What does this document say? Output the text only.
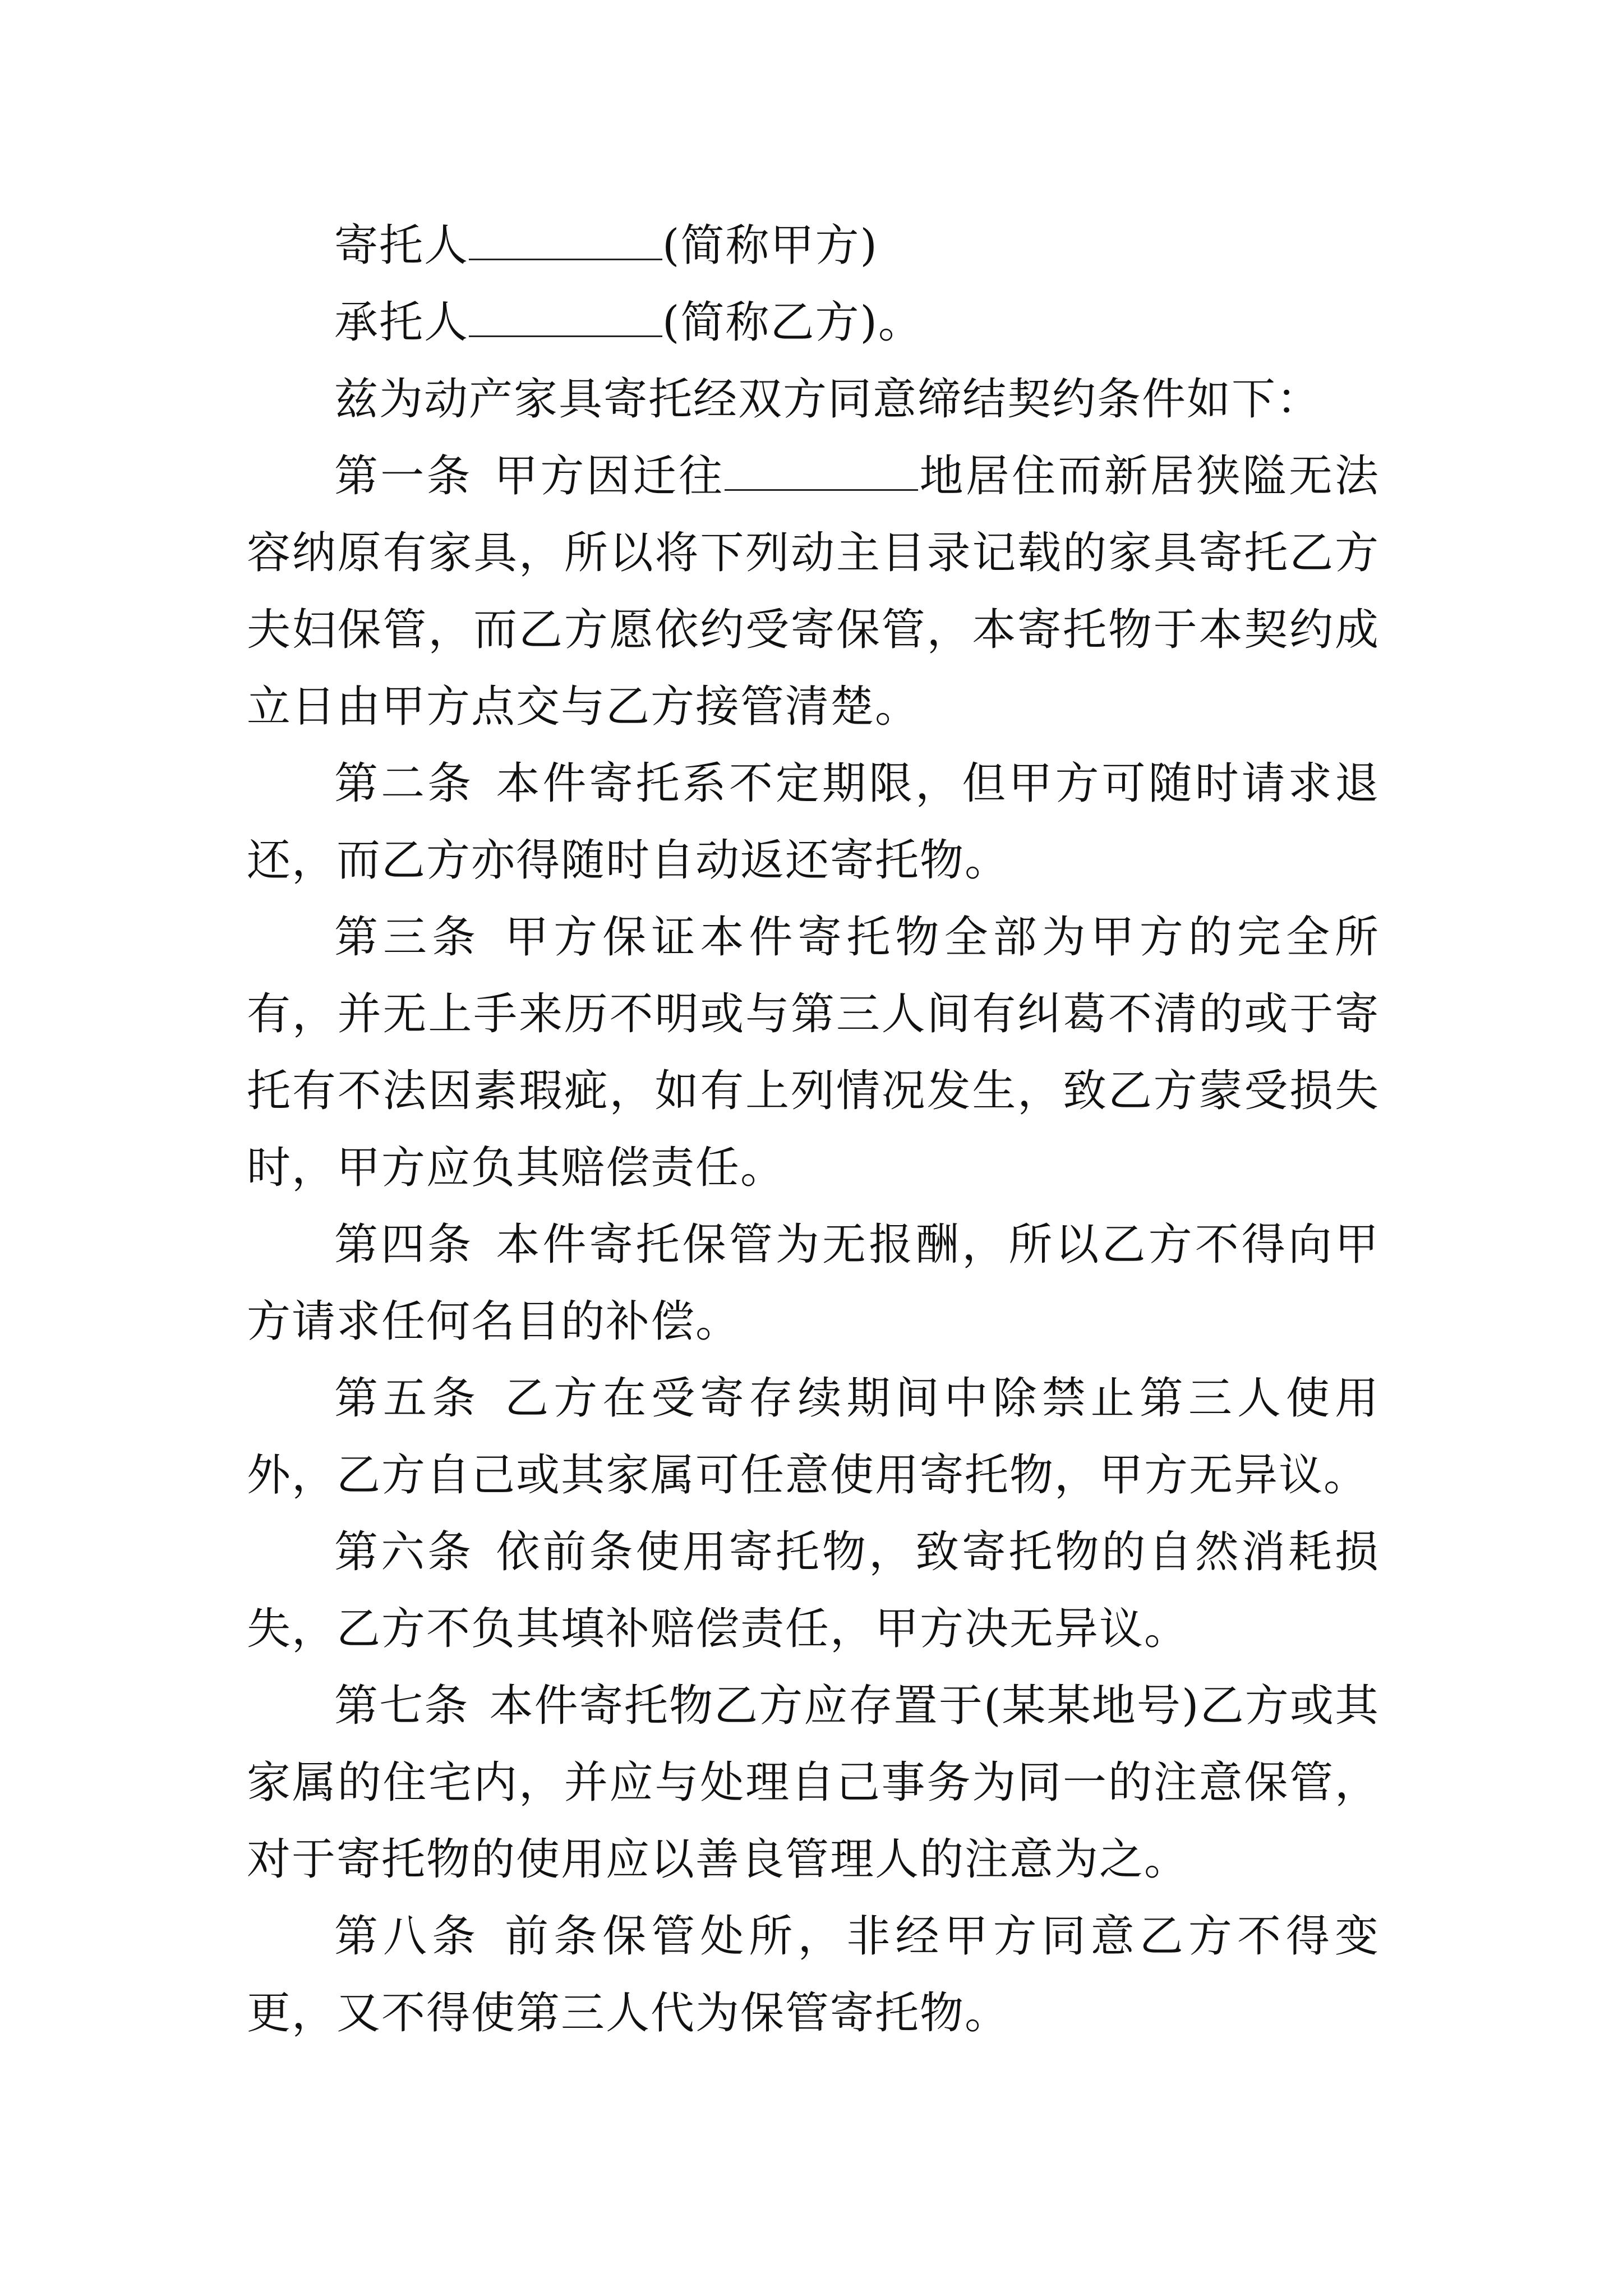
寄托人	(简称甲方)

承托人	(简称乙方)。

兹为动产家具寄托经双方同意缔结契约条件如下：

第一条 甲方因迁往	地居住而新居狭隘无法容纳原有家具，所以将下列动主目录记载的家具寄托乙方夫妇保管，而乙方愿依约受寄保管，本寄托物于本契约成立日由甲方点交与乙方接管清楚。

第二条 本件寄托系不定期限，但甲方可随时请求退还，而乙方亦得随时自动返还寄托物。

第三条 甲方保证本件寄托物全部为甲方的完全所有，并无上手来历不明或与第三人间有纠葛不清的或于寄托有不法因素瑕疵，如有上列情况发生，致乙方蒙受损失时，甲方应负其赔偿责任。

第四条 本件寄托保管为无报酬，所以乙方不得向甲方请求任何名目的补偿。

第五条 乙方在受寄存续期间中除禁止第三人使用外，乙方自己或其家属可任意使用寄托物，甲方无异议。

第六条 依前条使用寄托物，致寄托物的自然消耗损失，乙方不负其填补赔偿责任，甲方决无异议。

第七条 本件寄托物乙方应存置于(某某地号)乙方或其家属的住宅内，并应与处理自己事务为同一的注意保管，对于寄托物的使用应以善良管理人的注意为之。

第八条 前条保管处所，非经甲方同意乙方不得变更，又不得使第三人代为保管寄托物。
